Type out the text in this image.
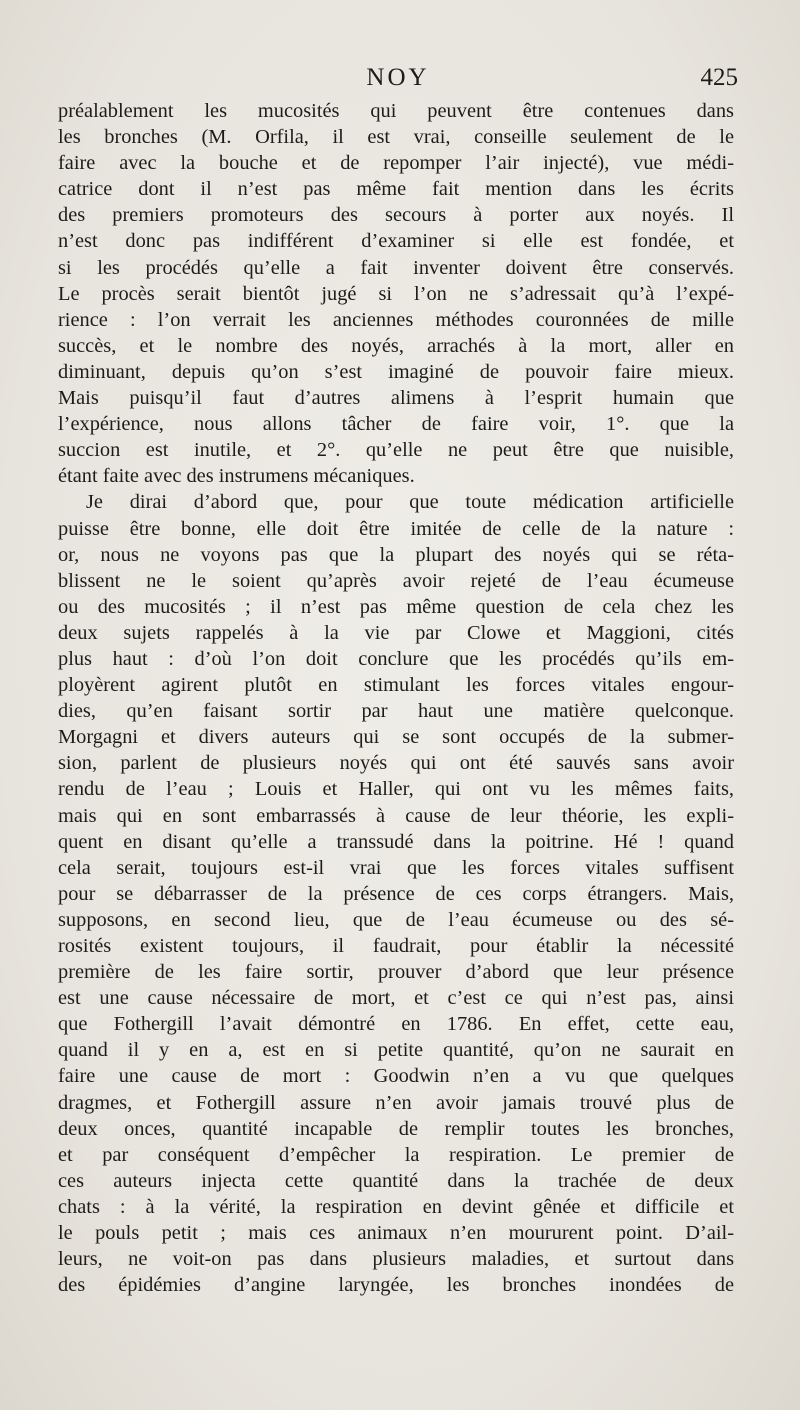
NOY	425
préalablement les mucosités qui peuvent être contenues dans
les bronches (M. Orfila, il est vrai, conseille seulement de le
faire avec la bouche et de repomper l’air injecté), vue médi-
catrice dont il n’est pas même fait mention dans les écrits
des premiers promoteurs des secours à porter aux noyés. Il
n’est donc pas indifférent d’examiner si elle est fondée, et
si les procédés qu’elle a fait inventer doivent être conservés.
Le procès serait bientôt jugé si l’on ne s’adressait qu’à l’expé-
rience : l’on verrait les anciennes méthodes couronnées de mille
succès, et le nombre des noyés, arrachés à la mort, aller en
diminuant, depuis qu’on s’est imaginé de pouvoir faire mieux.
Mais puisqu’il faut d’autres alimens à l’esprit humain que
l’expérience, nous allons tâcher de faire voir, 1°. que la
succion est inutile, et 2°. qu’elle ne peut être que nuisible,
étant faite avec des instrumens mécaniques.
Je dirai d’abord que, pour que toute médication artificielle
puisse être bonne, elle doit être imitée de celle de la nature :
or, nous ne voyons pas que la plupart des noyés qui se réta-
blissent ne le soient qu’après avoir rejeté de l’eau écumeuse
ou des mucosités ; il n’est pas même question de cela chez les
deux sujets rappelés à la vie par Clowe et Maggioni, cités
plus haut : d’où l’on doit conclure que les procédés qu’ils em-
ployèrent agirent plutôt en stimulant les forces vitales engour-
dies, qu’en faisant sortir par haut une matière quelconque.
Morgagni et divers auteurs qui se sont occupés de la submer-
sion, parlent de plusieurs noyés qui ont été sauvés sans avoir
rendu de l’eau ; Louis et Haller, qui ont vu les mêmes faits,
mais qui en sont embarrassés à cause de leur théorie, les expli-
quent en disant qu’elle a transsudé dans la poitrine. Hé ! quand
cela serait, toujours est-il vrai que les forces vitales suffisent
pour se débarrasser de la présence de ces corps étrangers. Mais,
supposons, en second lieu, que de l’eau écumeuse ou des sé-
rosités existent toujours, il faudrait, pour établir la nécessité
première de les faire sortir, prouver d’abord que leur présence
est une cause nécessaire de mort, et c’est ce qui n’est pas, ainsi
que Fothergill l’avait démontré en 1786. En effet, cette eau,
quand il y en a, est en si petite quantité, qu’on ne saurait en
faire une cause de mort : Goodwin n’en a vu que quelques
dragmes, et Fothergill assure n’en avoir jamais trouvé plus de
deux onces, quantité incapable de remplir toutes les bronches,
et par conséquent d’empêcher la respiration. Le premier de
ces auteurs injecta cette quantité dans la trachée de deux
chats : à la vérité, la respiration en devint gênée et difficile et
le pouls petit ; mais ces animaux n’en moururent point. D’ail-
leurs, ne voit-on pas dans plusieurs maladies, et surtout dans
des épidémies d’angine laryngée, les bronches inondées de
